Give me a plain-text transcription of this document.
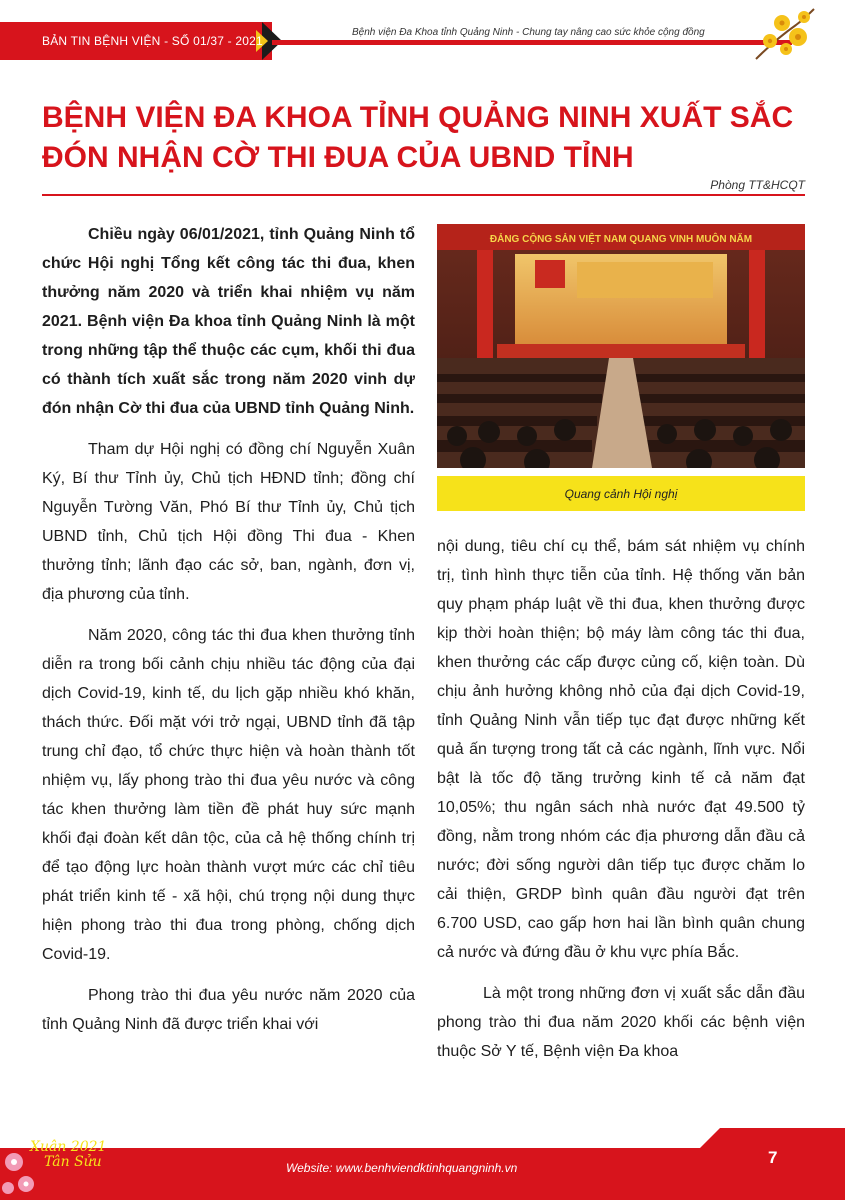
BẢN TIN BỆNH VIỆN - SỐ 01/37 - 2021
Bệnh viện Đa Khoa tỉnh Quảng Ninh - Chung tay nâng cao sức khỏe cộng đồng
BỆNH VIỆN ĐA KHOA TỈNH QUẢNG NINH XUẤT SẮC ĐÓN NHẬN CỜ THI ĐUA CỦA UBND TỈNH
Phòng TT&HCQT

Chiều ngày 06/01/2021, tỉnh Quảng Ninh tổ chức Hội nghị Tổng kết công tác thi đua, khen thưởng năm 2020 và triển khai nhiệm vụ năm 2021. Bệnh viện Đa khoa tỉnh Quảng Ninh là một trong những tập thể thuộc các cụm, khối thi đua có thành tích xuất sắc trong năm 2020 vinh dự đón nhận Cờ thi đua của UBND tỉnh Quảng Ninh.

Tham dự Hội nghị có đồng chí Nguyễn Xuân Ký, Bí thư Tỉnh ủy, Chủ tịch HĐND tỉnh; đồng chí Nguyễn Tường Văn, Phó Bí thư Tỉnh ủy, Chủ tịch UBND tỉnh, Chủ tịch Hội đồng Thi đua - Khen thưởng tỉnh; lãnh đạo các sở, ban, ngành, đơn vị, địa phương của tỉnh.

Năm 2020, công tác thi đua khen thưởng tỉnh diễn ra trong bối cảnh chịu nhiều tác động của đại dịch Covid-19, kinh tế, du lịch gặp nhiều khó khăn, thách thức. Đối mặt với trở ngại, UBND tỉnh đã tập trung chỉ đạo, tổ chức thực hiện và hoàn thành tốt nhiệm vụ, lấy phong trào thi đua yêu nước và công tác khen thưởng làm tiền đề phát huy sức mạnh khối đại đoàn kết dân tộc, của cả hệ thống chính trị để tạo động lực hoàn thành vượt mức các chỉ tiêu phát triển kinh tế - xã hội, chú trọng nội dung thực hiện phong trào thi đua trong phòng, chống dịch Covid-19.

Phong trào thi đua yêu nước năm 2020 của tỉnh Quảng Ninh đã được triển khai với

ĐẢNG CỘNG SẢN VIỆT NAM QUANG VINH MUÔN NĂM
Quang cảnh Hội nghị

nội dung, tiêu chí cụ thể, bám sát nhiệm vụ chính trị, tình hình thực tiễn của tỉnh. Hệ thống văn bản quy phạm pháp luật về thi đua, khen thưởng được kịp thời hoàn thiện; bộ máy làm công tác thi đua, khen thưởng các cấp được củng cố, kiện toàn. Dù chịu ảnh hưởng không nhỏ của đại dịch Covid-19, tỉnh Quảng Ninh vẫn tiếp tục đạt được những kết quả ấn tượng trong tất cả các ngành, lĩnh vực. Nổi bật là tốc độ tăng trưởng kinh tế cả năm đạt 10,05%; thu ngân sách nhà nước đạt 49.500 tỷ đồng, nằm trong nhóm các địa phương dẫn đầu cả nước; đời sống người dân tiếp tục được chăm lo cải thiện, GRDP bình quân đầu người đạt trên 6.700 USD, cao gấp hơn hai lần bình quân chung cả nước và đứng đầu ở khu vực phía Bắc.

Là một trong những đơn vị xuất sắc dẫn đầu phong trào thi đua năm 2020 khối các bệnh viện thuộc Sở Y tế, Bệnh viện Đa khoa

Xuân 2021
Tân Sửu	Website: www.benhviendktinhquangninh.vn
7
